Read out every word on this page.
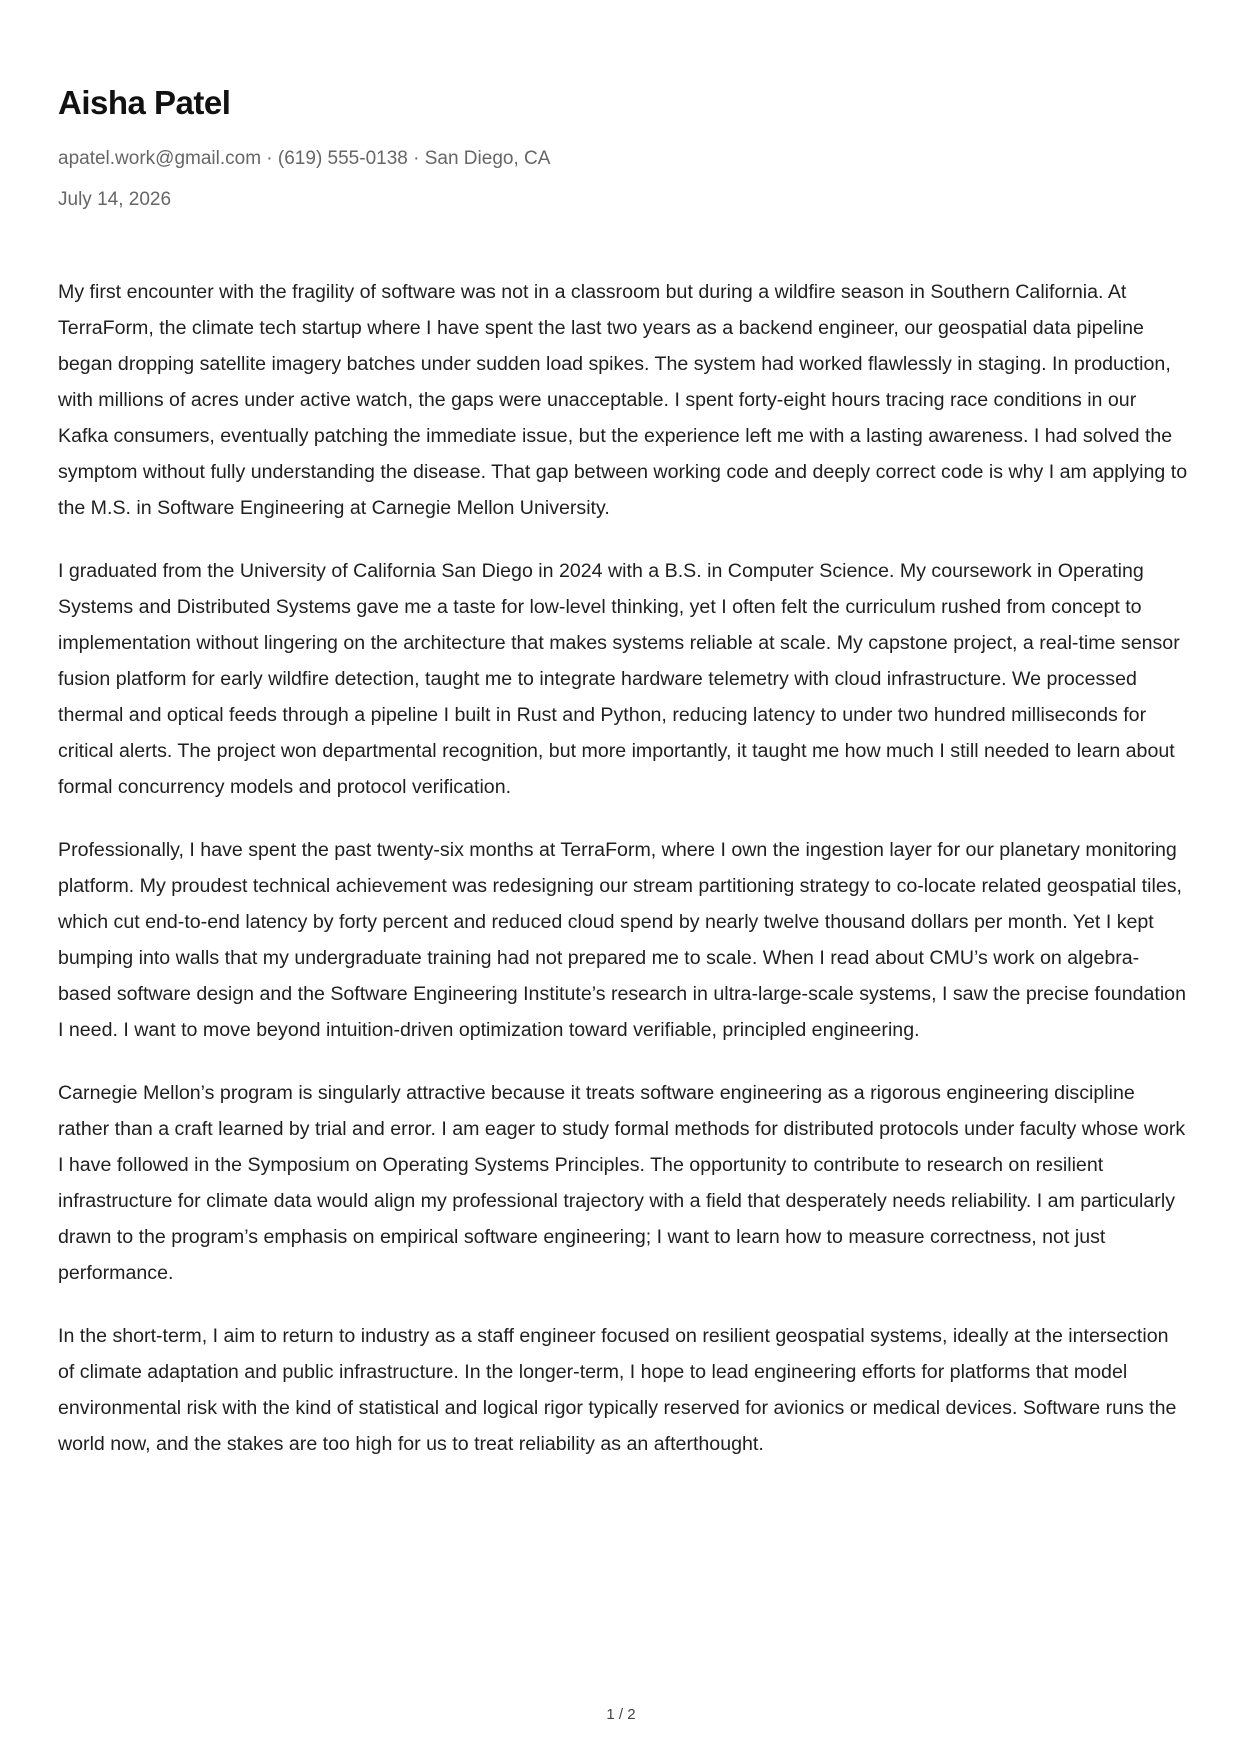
Aisha Patel
apatel.work@gmail.com · (619) 555-0138 · San Diego, CA
July 14, 2026

My first encounter with the fragility of software was not in a classroom but during a wildfire season in Southern California. At TerraForm, the climate tech startup where I have spent the last two years as a backend engineer, our geospatial data pipeline began dropping satellite imagery batches under sudden load spikes. The system had worked flawlessly in staging. In production, with millions of acres under active watch, the gaps were unacceptable. I spent forty-eight hours tracing race conditions in our Kafka consumers, eventually patching the immediate issue, but the experience left me with a lasting awareness. I had solved the symptom without fully understanding the disease. That gap between working code and deeply correct code is why I am applying to the M.S. in Software Engineering at Carnegie Mellon University.

I graduated from the University of California San Diego in 2024 with a B.S. in Computer Science. My coursework in Operating Systems and Distributed Systems gave me a taste for low-level thinking, yet I often felt the curriculum rushed from concept to implementation without lingering on the architecture that makes systems reliable at scale. My capstone project, a real-time sensor fusion platform for early wildfire detection, taught me to integrate hardware telemetry with cloud infrastructure. We processed thermal and optical feeds through a pipeline I built in Rust and Python, reducing latency to under two hundred milliseconds for critical alerts. The project won departmental recognition, but more importantly, it taught me how much I still needed to learn about formal concurrency models and protocol verification.

Professionally, I have spent the past twenty-six months at TerraForm, where I own the ingestion layer for our planetary monitoring platform. My proudest technical achievement was redesigning our stream partitioning strategy to co-locate related geospatial tiles, which cut end-to-end latency by forty percent and reduced cloud spend by nearly twelve thousand dollars per month. Yet I kept bumping into walls that my undergraduate training had not prepared me to scale. When I read about CMU’s work on algebra-based software design and the Software Engineering Institute’s research in ultra-large-scale systems, I saw the precise foundation I need. I want to move beyond intuition-driven optimization toward verifiable, principled engineering.

Carnegie Mellon’s program is singularly attractive because it treats software engineering as a rigorous engineering discipline rather than a craft learned by trial and error. I am eager to study formal methods for distributed protocols under faculty whose work I have followed in the Symposium on Operating Systems Principles. The opportunity to contribute to research on resilient infrastructure for climate data would align my professional trajectory with a field that desperately needs reliability. I am particularly drawn to the program’s emphasis on empirical software engineering; I want to learn how to measure correctness, not just performance.

In the short-term, I aim to return to industry as a staff engineer focused on resilient geospatial systems, ideally at the intersection of climate adaptation and public infrastructure. In the longer-term, I hope to lead engineering efforts for platforms that model environmental risk with the kind of statistical and logical rigor typically reserved for avionics or medical devices. Software runs the world now, and the stakes are too high for us to treat reliability as an afterthought.

1 / 2
